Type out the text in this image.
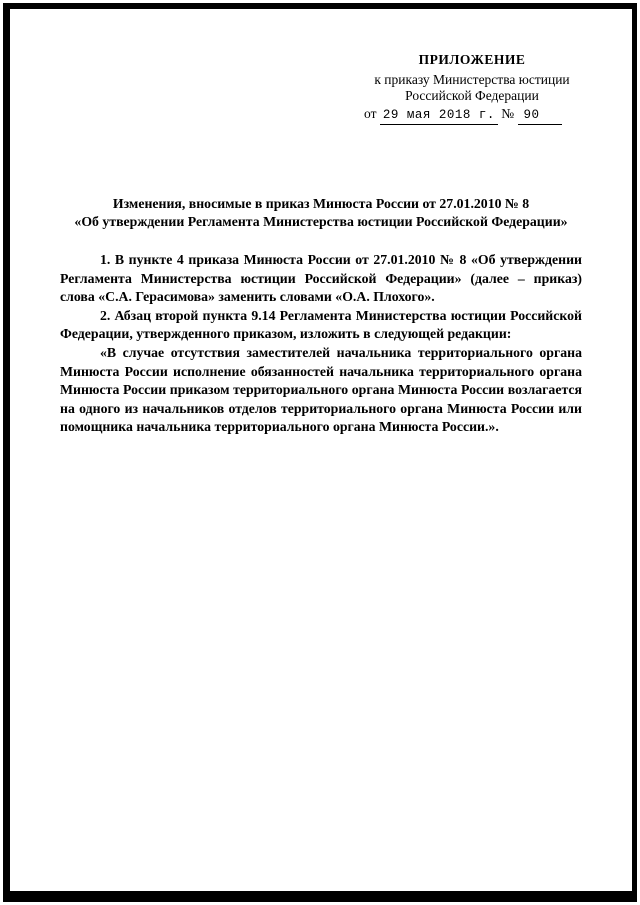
ПРИЛОЖЕНИЕ
к приказу Министерства юстиции
Российской Федерации
от 29 мая 2018 г. № 90
Изменения, вносимые в приказ Минюста России от 27.01.2010 № 8
«Об утверждении Регламента Министерства юстиции Российской Федерации»

1. В пункте 4 приказа Минюста России от 27.01.2010 № 8 «Об утверждении Регламента Министерства юстиции Российской Федерации» (далее – приказ) слова «С.А. Герасимова» заменить словами «О.А. Плохого».

2. Абзац второй пункта 9.14 Регламента Министерства юстиции Российской Федерации, утвержденного приказом, изложить в следующей редакции:

«В случае отсутствия заместителей начальника территориального органа Минюста России исполнение обязанностей начальника территориального органа Минюста России приказом территориального органа Минюста России возлагается на одного из начальников отделов территориального органа Минюста России или помощника начальника территориального органа Минюста России.».
